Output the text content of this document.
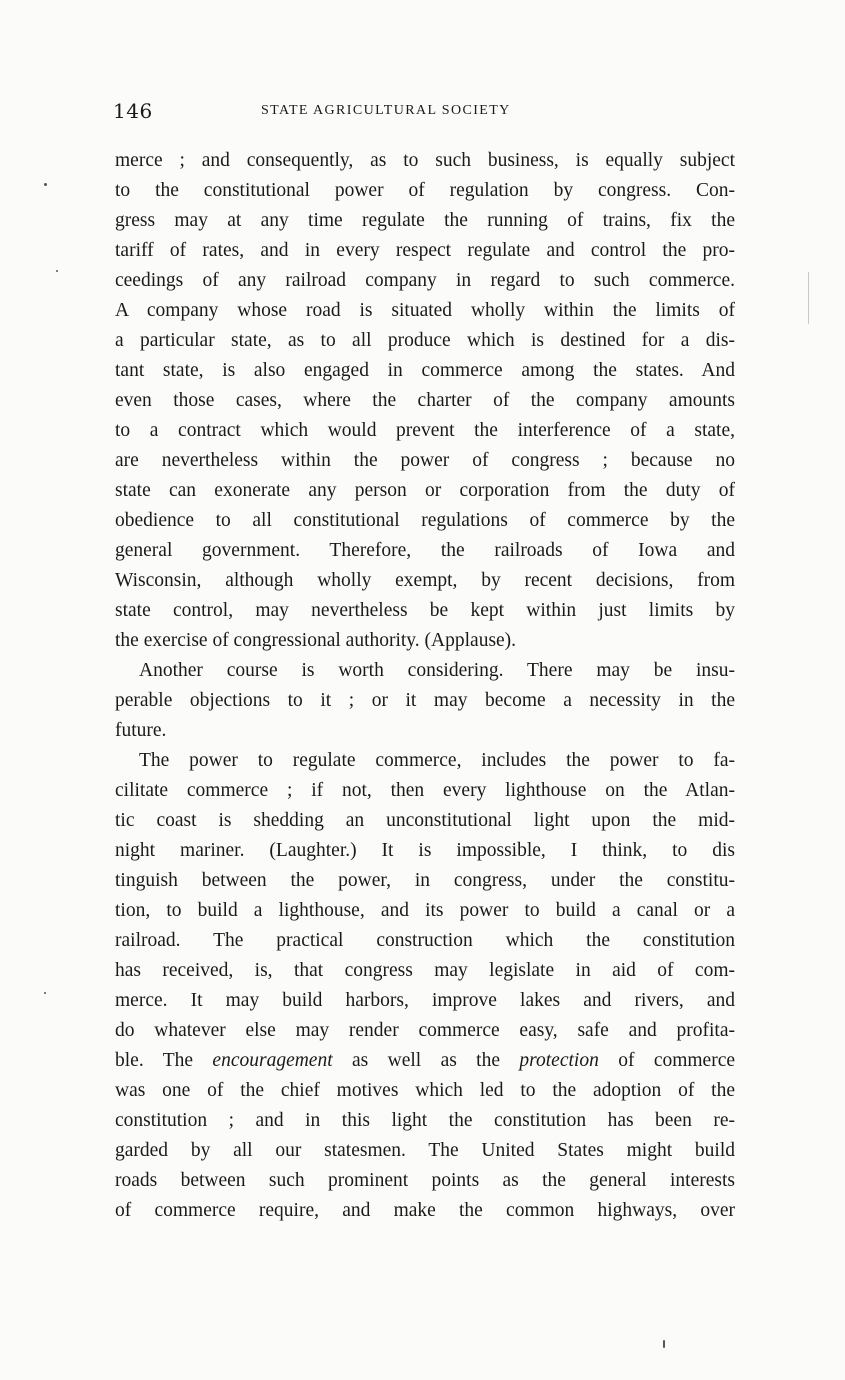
146	STATE AGRICULTURAL SOCIETY
merce ; and consequently, as to such business, is equally subject
to the constitutional power of regulation by congress. Con-
gress may at any time regulate the running of trains, fix the
tariff of rates, and in every respect regulate and control the pro-
ceedings of any railroad company in regard to such commerce.
A company whose road is situated wholly within the limits of
a particular state, as to all produce which is destined for a dis-
tant state, is also engaged in commerce among the states. And
even those cases, where the charter of the company amounts
to a contract which would prevent the interference of a state,
are nevertheless within the power of congress ; because no
state can exonerate any person or corporation from the duty of
obedience to all constitutional regulations of commerce by the
general government. Therefore, the railroads of Iowa and
Wisconsin, although wholly exempt, by recent decisions, from
state control, may nevertheless be kept within just limits by
the exercise of congressional authority. (Applause).
Another course is worth considering. There may be insu-
perable objections to it ; or it may become a necessity in the
future.
The power to regulate commerce, includes the power to fa-
cilitate commerce ; if not, then every lighthouse on the Atlan-
tic coast is shedding an unconstitutional light upon the mid-
night mariner. (Laughter.) It is impossible, I think, to dis
tinguish between the power, in congress, under the constitu-
tion, to build a lighthouse, and its power to build a canal or a
railroad. The practical construction which the constitution
has received, is, that congress may legislate in aid of com-
merce. It may build harbors, improve lakes and rivers, and
do whatever else may render commerce easy, safe and profita-
ble. The encouragement as well as the protection of commerce
was one of the chief motives which led to the adoption of the
constitution ; and in this light the constitution has been re-
garded by all our statesmen. The United States might build
roads between such prominent points as the general interests
of commerce require, and make the common highways, over
